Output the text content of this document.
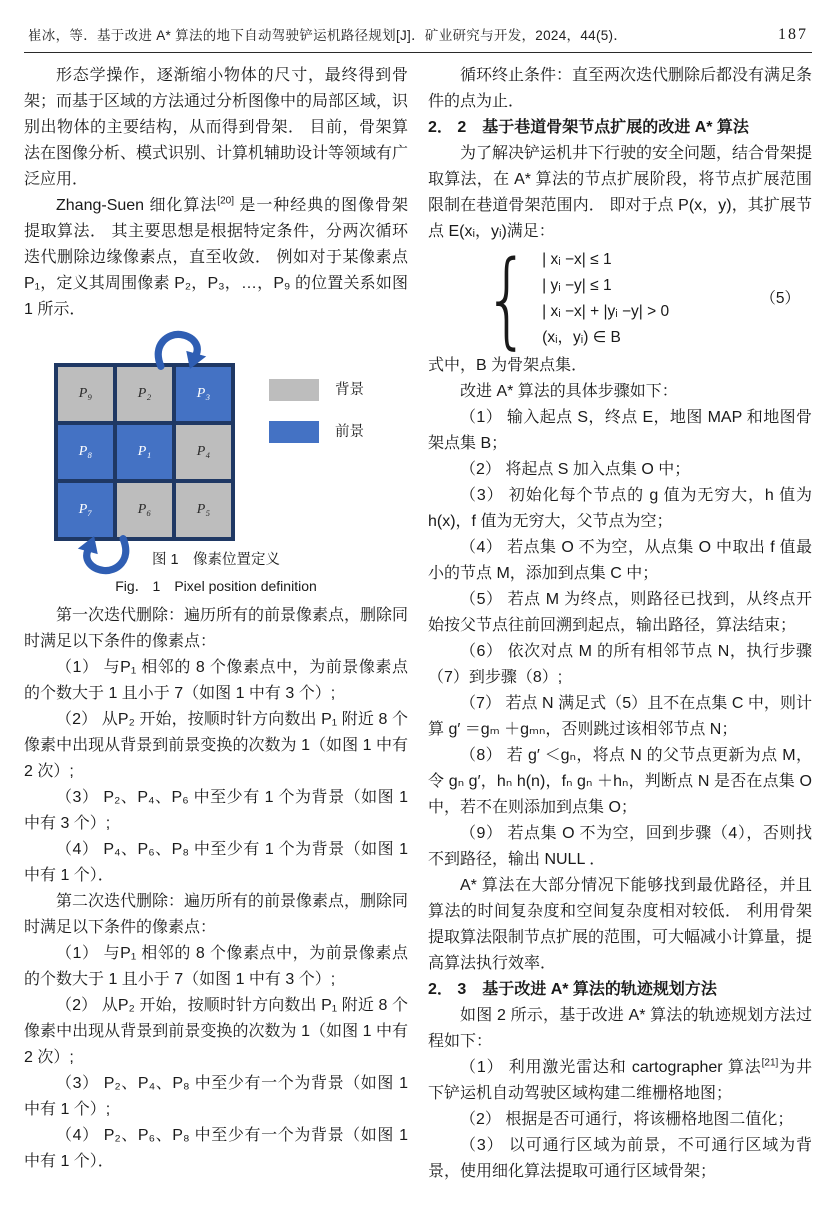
崔冰，等．基于改进 A* 算法的地下自动驾驶铲运机路径规划[J]．矿业研究与开发，2024，44(5)．	187

形态学操作，逐渐缩小物体的尺寸，最终得到骨架；而基于区域的方法通过分析图像中的局部区域，识别出物体的主要结构，从而得到骨架． 目前，骨架算法在图像分析、模式识别、计算机辅助设计等领域有广泛应用．

Zhang-Suen 细化算法[20] 是一种经典的图像骨架提取算法． 其主要思想是根据特定条件，分两次循环迭代删除边缘像素点，直至收敛． 例如对于某像素点 P₁，定义其周围像素 P₂，P₃，…，P₉ 的位置关系如图 1 所示．

P₉	P₂	P₃
P₈	P₁	P₄
P₇	P₆	P₅
背景
前景

图 1　像素位置定义

Fig． 1　Pixel position definition

第一次迭代删除：遍历所有的前景像素点，删除同时满足以下条件的像素点：

（1） 与P₁ 相邻的 8 个像素点中，为前景像素点的个数大于 1 且小于 7（如图 1 中有 3 个）;

（2） 从P₂ 开始，按顺时针方向数出 P₁ 附近 8 个像素中出现从背景到前景变换的次数为 1（如图 1 中有 2 次）;

（3） P₂、P₄、P₆ 中至少有 1 个为背景（如图 1 中有 3 个）;

（4） P₄、P₆、P₈ 中至少有 1 个为背景（如图 1 中有 1 个）．

第二次迭代删除：遍历所有的前景像素点，删除同时满足以下条件的像素点：

（1） 与P₁ 相邻的 8 个像素点中，为前景像素点的个数大于 1 且小于 7（如图 1 中有 3 个）;

（2） 从P₂ 开始，按顺时针方向数出 P₁ 附近 8 个像素中出现从背景到前景变换的次数为 1（如图 1 中有 2 次）;

（3） P₂、P₄、P₈ 中至少有一个为背景（如图 1 中有 1 个）;

（4） P₂、P₆、P₈ 中至少有一个为背景（如图 1 中有 1 个）．

循环终止条件：直至两次迭代删除后都没有满足条件的点为止．

2． 2　基于巷道骨架节点扩展的改进 A* 算法

为了解决铲运机井下行驶的安全问题，结合骨架提取算法，在 A* 算法的节点扩展阶段，将节点扩展范围限制在巷道骨架范围内． 即对于点 P(x，y)，其扩展节点 E(xᵢ，yᵢ)满足：

{ | xᵢ −x| ≤ 1
| yᵢ −y| ≤ 1
| xᵢ −x| + |yᵢ −y| > 0
(xᵢ，yᵢ) ∈ B
（5）

式中，B 为骨架点集．

改进 A* 算法的具体步骤如下：

（1） 输入起点 S，终点 E，地图 MAP 和地图骨架点集 B；

（2） 将起点 S 加入点集 O 中；

（3） 初始化每个节点的 g 值为无穷大，h 值为 h(x)，f 值为无穷大，父节点为空；

（4） 若点集 O 不为空，从点集 O 中取出 f 值最小的节点 M，添加到点集 C 中；

（5） 若点 M 为终点，则路径已找到，从终点开始按父节点往前回溯到起点，输出路径，算法结束；

（6） 依次对点 M 的所有相邻节点 N，执行步骤（7）到步骤（8）;

（7） 若点 N 满足式（5）且不在点集 C 中，则计算 g′ ＝gₘ ＋gₘₙ，否则跳过该相邻节点 N；

（8） 若 g′ ＜gₙ，将点 N 的父节点更新为点 M，令 gₙ g′，hₙ h(n)，fₙ gₙ ＋hₙ，判断点 N 是否在点集 O 中，若不在则添加到点集 O；

（9） 若点集 O 不为空，回到步骤（4），否则找不到路径，输出 NULL ．

A* 算法在大部分情况下能够找到最优路径，并且算法的时间复杂度和空间复杂度相对较低． 利用骨架提取算法限制节点扩展的范围，可大幅减小计算量，提高算法执行效率．

2． 3　基于改进 A* 算法的轨迹规划方法

如图 2 所示，基于改进 A* 算法的轨迹规划方法过程如下：

（1） 利用激光雷达和 cartographer 算法[21]为井下铲运机自动驾驶区域构建二维栅格地图；

（2） 根据是否可通行，将该栅格地图二值化；

（3） 以可通行区域为前景，不可通行区域为背景，使用细化算法提取可通行区域骨架；
